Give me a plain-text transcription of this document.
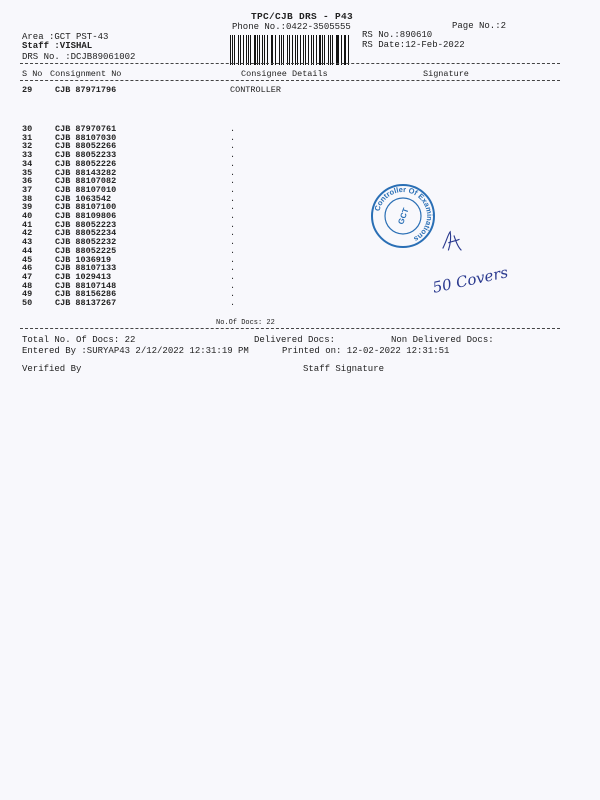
TPC/CJB DRS - P43
Phone No.:0422-3505555	Page No.:2
Area :GCT PST-43
Staff :VISHAL
DRS No. :DCJB89061002
RS No.:890610
RS Date:12-Feb-2022
S No Consignment No	Consignee Details	Signature
29	CJB 87971796	CONTROLLER
30	CJB 87970761	.
31	CJB 88107030	.
32	CJB 88052266	.
33	CJB 88052233	.
34	CJB 88052226	.
35	CJB 88143282	.
36	CJB 88107082	.
37	CJB 88107010	.
38	CJB 1063542	.
39	CJB 88107100	.
40	CJB 88109806	.
41	CJB 88052223	.
42	CJB 88052234	.
43	CJB 88052232	.
44	CJB 88052225	.
45	CJB 1036919	.
46	CJB 88107133	.
47	CJB 1029413	.
48	CJB 88107148	.
49	CJB 88156286	.
50	CJB 88137267	.
No.Of Docs: 22
Total No. Of Docs: 22	Delivered Docs:	Non Delivered Docs:
Entered By :SURYAP43 2/12/2022 12:31:19 PM	Printed on: 12-02-2022 12:31:51
Verified By	Staff Signature
Controller Of Examinations
GCT
50 Covers
